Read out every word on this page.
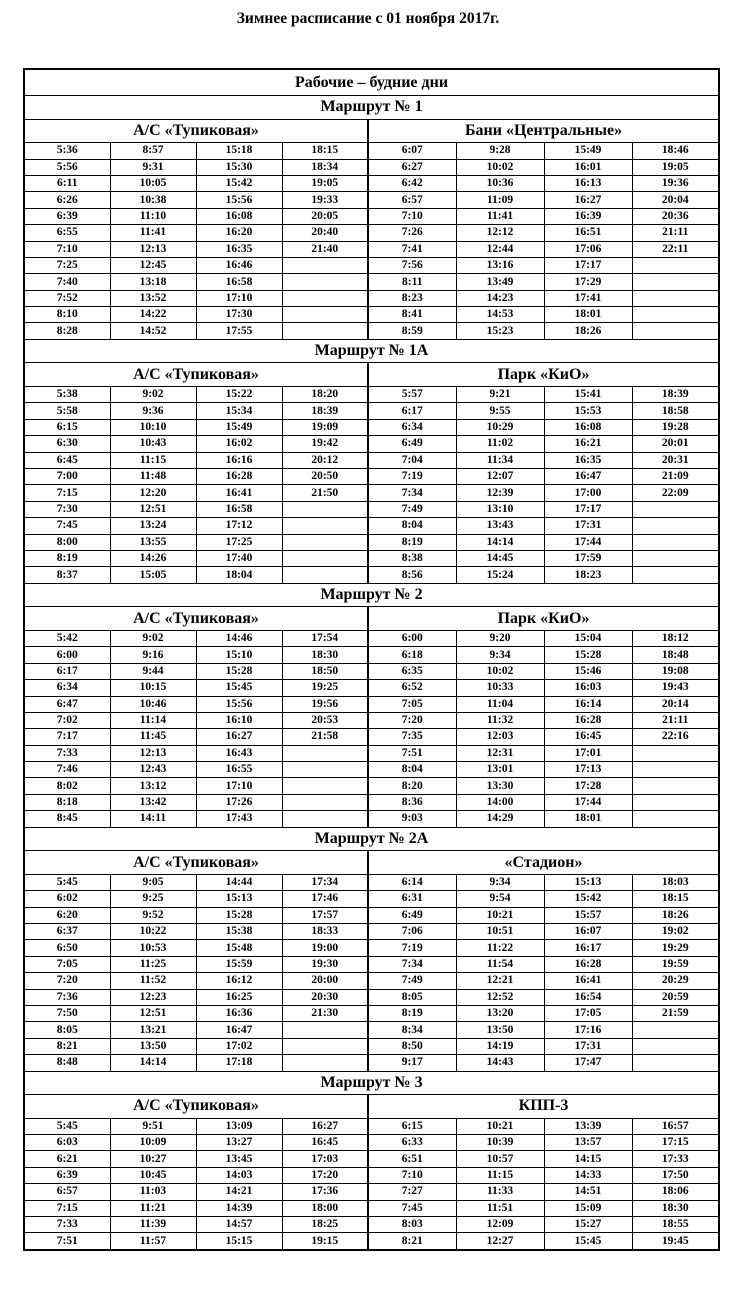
Зимнее расписание с 01 ноября 2017г.
Рабочие – будние дни							
Маршрут № 1							
А/С «Тупиковая»				Бани «Центральные»			
5:36	8:57	15:18	18:15	6:07	9:28	15:49	18:46
5:56	9:31	15:30	18:34	6:27	10:02	16:01	19:05
6:11	10:05	15:42	19:05	6:42	10:36	16:13	19:36
6:26	10:38	15:56	19:33	6:57	11:09	16:27	20:04
6:39	11:10	16:08	20:05	7:10	11:41	16:39	20:36
6:55	11:41	16:20	20:40	7:26	12:12	16:51	21:11
7:10	12:13	16:35	21:40	7:41	12:44	17:06	22:11
7:25	12:45	16:46		7:56	13:16	17:17	
7:40	13:18	16:58		8:11	13:49	17:29	
7:52	13:52	17:10		8:23	14:23	17:41	
8:10	14:22	17:30		8:41	14:53	18:01	
8:28	14:52	17:55		8:59	15:23	18:26	
Маршрут № 1А							
А/С «Тупиковая»				Парк «КиО»			
5:38	9:02	15:22	18:20	5:57	9:21	15:41	18:39
5:58	9:36	15:34	18:39	6:17	9:55	15:53	18:58
6:15	10:10	15:49	19:09	6:34	10:29	16:08	19:28
6:30	10:43	16:02	19:42	6:49	11:02	16:21	20:01
6:45	11:15	16:16	20:12	7:04	11:34	16:35	20:31
7:00	11:48	16:28	20:50	7:19	12:07	16:47	21:09
7:15	12:20	16:41	21:50	7:34	12:39	17:00	22:09
7:30	12:51	16:58		7:49	13:10	17:17	
7:45	13:24	17:12		8:04	13:43	17:31	
8:00	13:55	17:25		8:19	14:14	17:44	
8:19	14:26	17:40		8:38	14:45	17:59	
8:37	15:05	18:04		8:56	15:24	18:23	
Маршрут № 2							
А/С «Тупиковая»				Парк «КиО»			
5:42	9:02	14:46	17:54	6:00	9:20	15:04	18:12
6:00	9:16	15:10	18:30	6:18	9:34	15:28	18:48
6:17	9:44	15:28	18:50	6:35	10:02	15:46	19:08
6:34	10:15	15:45	19:25	6:52	10:33	16:03	19:43
6:47	10:46	15:56	19:56	7:05	11:04	16:14	20:14
7:02	11:14	16:10	20:53	7:20	11:32	16:28	21:11
7:17	11:45	16:27	21:58	7:35	12:03	16:45	22:16
7:33	12:13	16:43		7:51	12:31	17:01	
7:46	12:43	16:55		8:04	13:01	17:13	
8:02	13:12	17:10		8:20	13:30	17:28	
8:18	13:42	17:26		8:36	14:00	17:44	
8:45	14:11	17:43		9:03	14:29	18:01	
Маршрут № 2А							
А/С «Тупиковая»				«Стадион»			
5:45	9:05	14:44	17:34	6:14	9:34	15:13	18:03
6:02	9:25	15:13	17:46	6:31	9:54	15:42	18:15
6:20	9:52	15:28	17:57	6:49	10:21	15:57	18:26
6:37	10:22	15:38	18:33	7:06	10:51	16:07	19:02
6:50	10:53	15:48	19:00	7:19	11:22	16:17	19:29
7:05	11:25	15:59	19:30	7:34	11:54	16:28	19:59
7:20	11:52	16:12	20:00	7:49	12:21	16:41	20:29
7:36	12:23	16:25	20:30	8:05	12:52	16:54	20:59
7:50	12:51	16:36	21:30	8:19	13:20	17:05	21:59
8:05	13:21	16:47		8:34	13:50	17:16	
8:21	13:50	17:02		8:50	14:19	17:31	
8:48	14:14	17:18		9:17	14:43	17:47	
Маршрут № 3							
А/С «Тупиковая»				КПП-3			
5:45	9:51	13:09	16:27	6:15	10:21	13:39	16:57
6:03	10:09	13:27	16:45	6:33	10:39	13:57	17:15
6:21	10:27	13:45	17:03	6:51	10:57	14:15	17:33
6:39	10:45	14:03	17:20	7:10	11:15	14:33	17:50
6:57	11:03	14:21	17:36	7:27	11:33	14:51	18:06
7:15	11:21	14:39	18:00	7:45	11:51	15:09	18:30
7:33	11:39	14:57	18:25	8:03	12:09	15:27	18:55
7:51	11:57	15:15	19:15	8:21	12:27	15:45	19:45
